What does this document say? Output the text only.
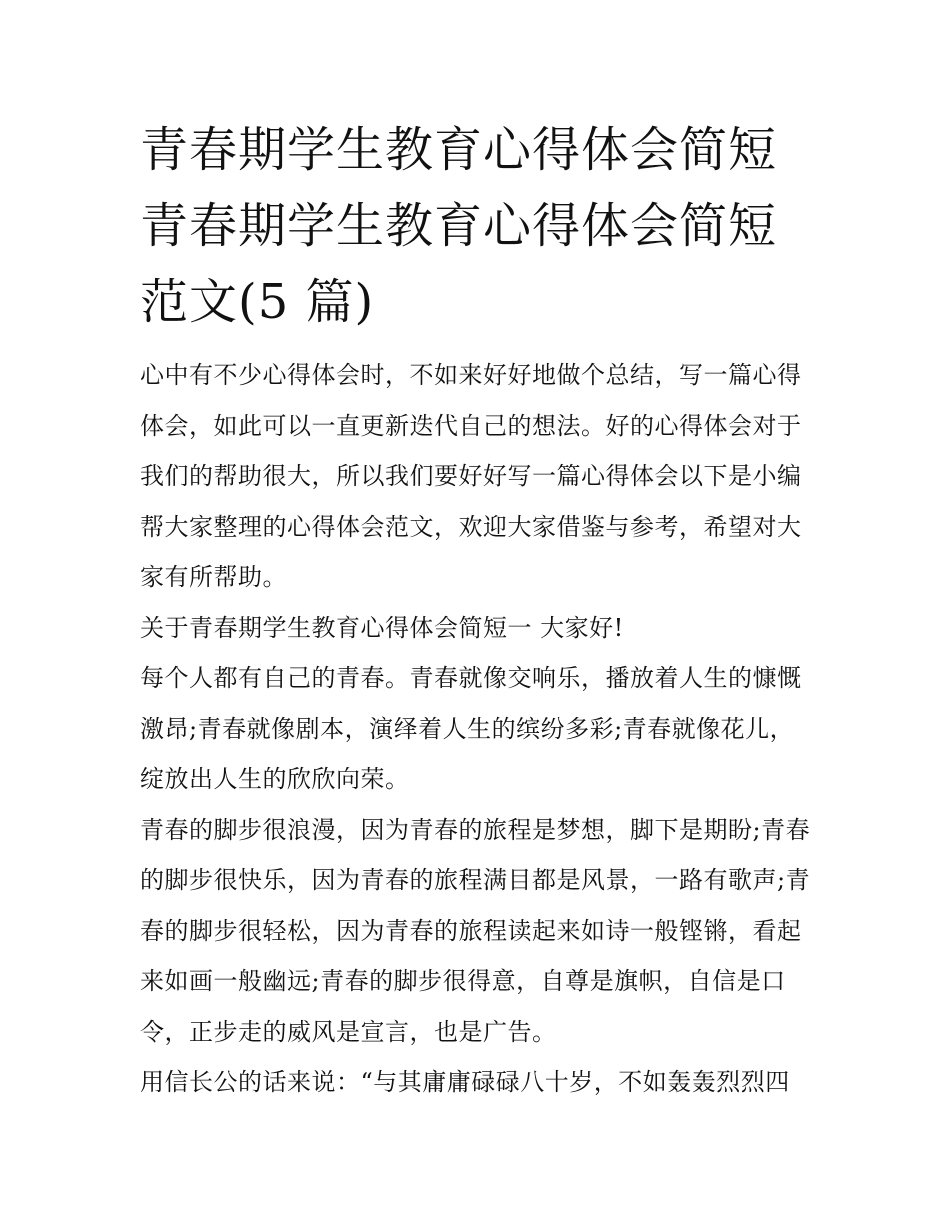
青春期学生教育心得体会简短
青春期学生教育心得体会简短
范文(5 篇)

心中有不少心得体会时，不如来好好地做个总结，写一篇心得体会，如此可以一直更新迭代自己的想法。好的心得体会对于我们的帮助很大，所以我们要好好写一篇心得体会以下是小编帮大家整理的心得体会范文，欢迎大家借鉴与参考，希望对大家有所帮助。

关于青春期学生教育心得体会简短一 大家好!

每个人都有自己的青春。青春就像交响乐，播放着人生的慷慨激昂;青春就像剧本，演绎着人生的缤纷多彩;青春就像花儿，绽放出人生的欣欣向荣。

青春的脚步很浪漫，因为青春的旅程是梦想，脚下是期盼;青春的脚步很快乐，因为青春的旅程满目都是风景，一路有歌声;青春的脚步很轻松，因为青春的旅程读起来如诗一般铿锵，看起来如画一般幽远;青春的脚步很得意，自尊是旗帜，自信是口令，正步走的威风是宣言，也是广告。

用信长公的话来说：“与其庸庸碌碌八十岁，不如轰轰烈烈四
